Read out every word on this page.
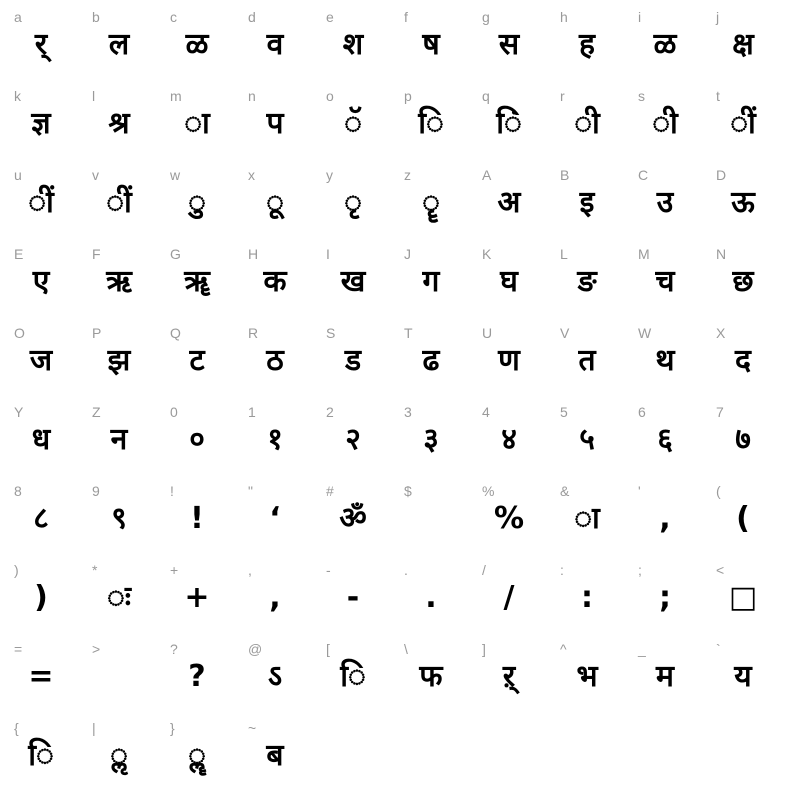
a
र्
b
ल
c
ळ
d
व
e
श
f
ष
g
स
h
ह
i
ळ
j
क्ष
k
ज्ञ
l
श्र
m
ा
n
प
o
ॅ
p
ि
q
िं
r
ी
s
ी
t
ीं
u
ीं
v
ीं
w
ु
x
ू
y
ृ
z
ॄ
A
अ
B
इ
C
उ
D
ऊ
E
ए
F
ऋ
G
ॠ
H
क
I
ख
J
ग
K
घ
L
ङ
M
च
N
छ
O
ज
P
झ
Q
ट
R
ठ
S
ड
T
ढ
U
ण
V
त
W
थ
X
द
Y
ध
Z
न
0
०
1
१
2
२
3
३
4
४
5
५
6
६
7
७
8
८
9
९
!
!
"
‘
#
ॐ
$	%
%
&
ा
'
,
(
(
)
)
*
ः
+
+
,
,
-
-
.
.
/
/
:
:
;
;
<
□
=
=
>	?
?
@
ऽ
[
ि
\
फ
]
ऱ्
^
भ
_
म
`
य
{
ि
|
ॢ
}
ॣ
~
ब
